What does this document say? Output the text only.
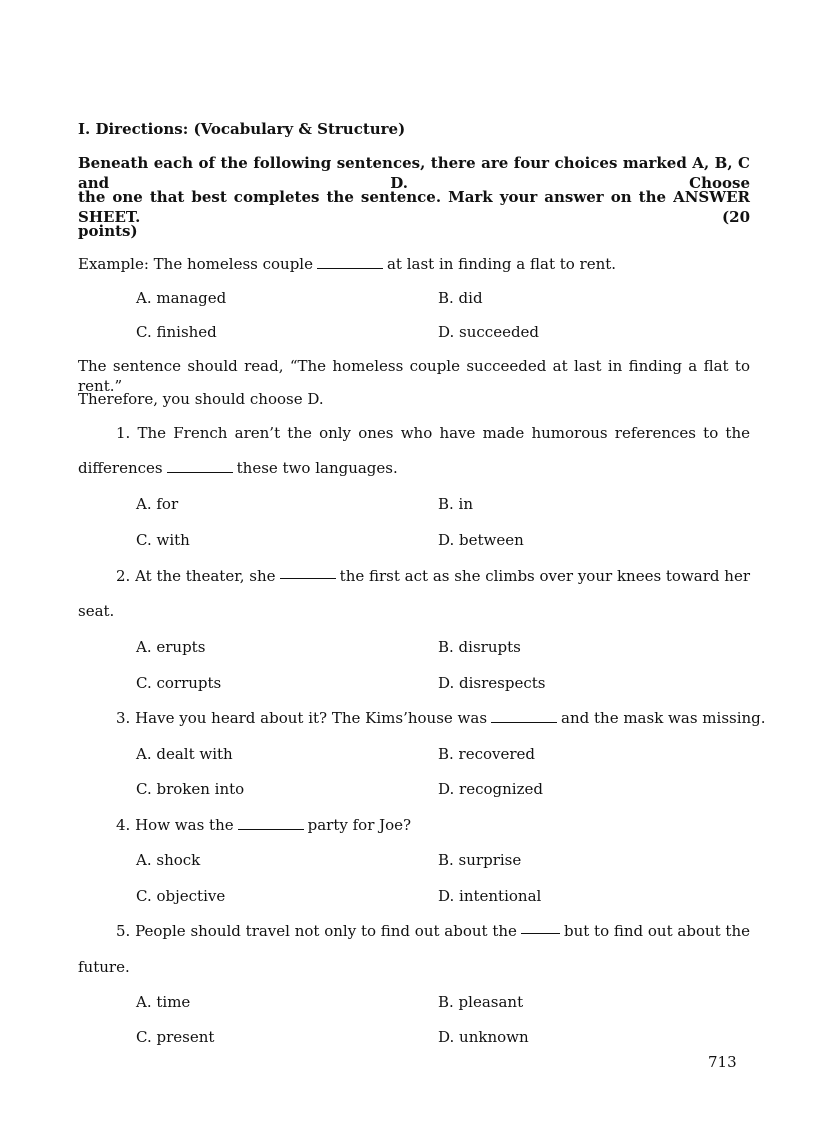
Ⅰ. Directions: (Vocabulary & Structure)
Beneath each of the following sentences, there are four choices marked A, B, C and D. Choose
the one that best completes the sentence. Mark your answer on the ANSWER SHEET. (20
points)
Example: The homeless couple	at last in finding a flat to rent.
A. managed	B. did
C. finished	D. succeeded
The sentence should read, “The homeless couple succeeded at last in finding a flat to rent.”
Therefore, you should choose D.
1. The French aren’t the only ones who have made humorous references to the
differences	these two languages.
A. for	B. in
C. with	D. between
2. At the theater, she	the first act as she climbs over your knees toward her
seat.
A. erupts	B. disrupts
C. corrupts	D. disrespects
3. Have you heard about it? The Kims’house was	and the mask was missing.
A. dealt with	B. recovered
C. broken into	D. recognized
4. How was the	party for Joe?
A. shock	B. surprise
C. objective	D. intentional
5. People should travel not only to find out about the	but to find out about the
future.
A. time	B. pleasant
C. present	D. unknown
713
